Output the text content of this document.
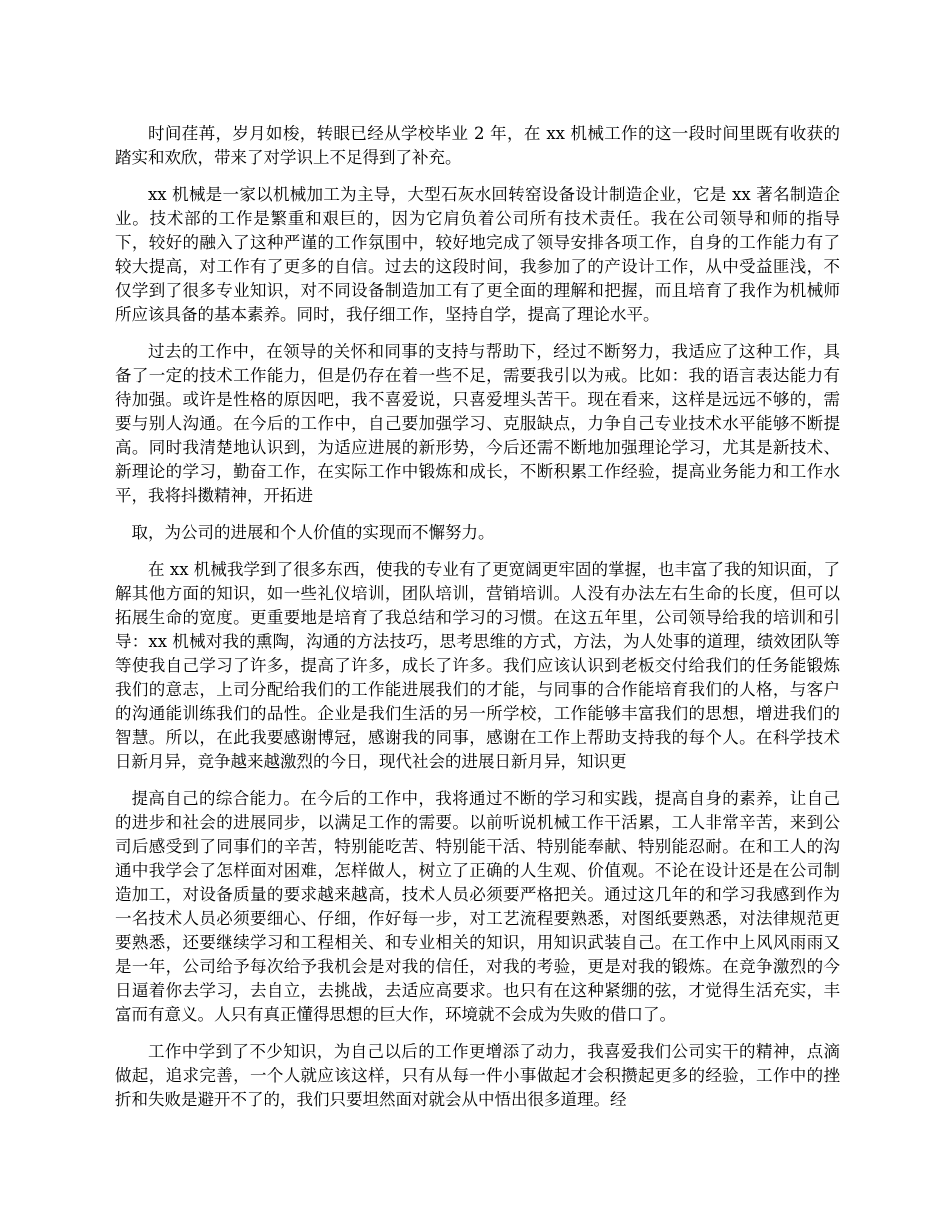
时间荏苒，岁月如梭，转眼已经从学校毕业 2 年，在 xx 机械工作的这一段时间里既有收获的踏实和欢欣，带来了对学识上不足得到了补充。

xx 机械是一家以机械加工为主导，大型石灰水回转窑设备设计制造企业，它是 xx 著名制造企业。技术部的工作是繁重和艰巨的，因为它肩负着公司所有技术责任。我在公司领导和师的指导下，较好的融入了这种严谨的工作氛围中，较好地完成了领导安排各项工作，自身的工作能力有了较大提高，对工作有了更多的自信。过去的这段时间，我参加了的产设计工作，从中受益匪浅，不仅学到了很多专业知识，对不同设备制造加工有了更全面的理解和把握，而且培育了我作为机械师所应该具备的基本素养。同时，我仔细工作，坚持自学，提高了理论水平。

过去的工作中，在领导的关怀和同事的支持与帮助下，经过不断努力，我适应了这种工作，具备了一定的技术工作能力，但是仍存在着一些不足，需要我引以为戒。比如：我的语言表达能力有待加强。或许是性格的原因吧，我不喜爱说，只喜爱埋头苦干。现在看来，这样是远远不够的，需要与别人沟通。在今后的工作中，自己要加强学习、克服缺点，力争自己专业技术水平能够不断提高。同时我清楚地认识到，为适应进展的新形势，今后还需不断地加强理论学习，尤其是新技术、新理论的学习，勤奋工作，在实际工作中锻炼和成长，不断积累工作经验，提高业务能力和工作水平，我将抖擞精神，开拓进

取，为公司的进展和个人价值的实现而不懈努力。

在 xx 机械我学到了很多东西，使我的专业有了更宽阔更牢固的掌握，也丰富了我的知识面，了解其他方面的知识，如一些礼仪培训，团队培训，营销培训。人没有办法左右生命的长度，但可以拓展生命的宽度。更重要地是培育了我总结和学习的习惯。在这五年里，公司领导给我的培训和引导：xx 机械对我的熏陶，沟通的方法技巧，思考思维的方式，方法，为人处事的道理，绩效团队等等使我自己学习了许多，提高了许多，成长了许多。我们应该认识到老板交付给我们的任务能锻炼我们的意志，上司分配给我们的工作能进展我们的才能，与同事的合作能培育我们的人格，与客户的沟通能训练我们的品性。企业是我们生活的另一所学校，工作能够丰富我们的思想，增进我们的智慧。所以，在此我要感谢博冠，感谢我的同事，感谢在工作上帮助支持我的每个人。在科学技术日新月异，竞争越来越激烈的今日，现代社会的进展日新月异，知识更

提高自己的综合能力。在今后的工作中，我将通过不断的学习和实践，提高自身的素养，让自己的进步和社会的进展同步，以满足工作的需要。以前听说机械工作干活累，工人非常辛苦，来到公司后感受到了同事们的辛苦，特别能吃苦、特别能干活、特别能奉献、特别能忍耐。在和工人的沟通中我学会了怎样面对困难，怎样做人，树立了正确的人生观、价值观。不论在设计还是在公司制造加工，对设备质量的要求越来越高，技术人员必须要严格把关。通过这几年的和学习我感到作为一名技术人员必须要细心、仔细，作好每一步，对工艺流程要熟悉，对图纸要熟悉，对法律规范更要熟悉，还要继续学习和工程相关、和专业相关的知识，用知识武装自己。在工作中上风风雨雨又是一年，公司给予每次给予我机会是对我的信任，对我的考验，更是对我的锻炼。在竞争激烈的今日逼着你去学习，去自立，去挑战，去适应高要求。也只有在这种紧绷的弦，才觉得生活充实，丰富而有意义。人只有真正懂得思想的巨大作，环境就不会成为失败的借口了。

工作中学到了不少知识，为自己以后的工作更增添了动力，我喜爱我们公司实干的精神，点滴做起，追求完善，一个人就应该这样，只有从每一件小事做起才会积攒起更多的经验，工作中的挫折和失败是避开不了的，我们只要坦然面对就会从中悟出很多道理。经
